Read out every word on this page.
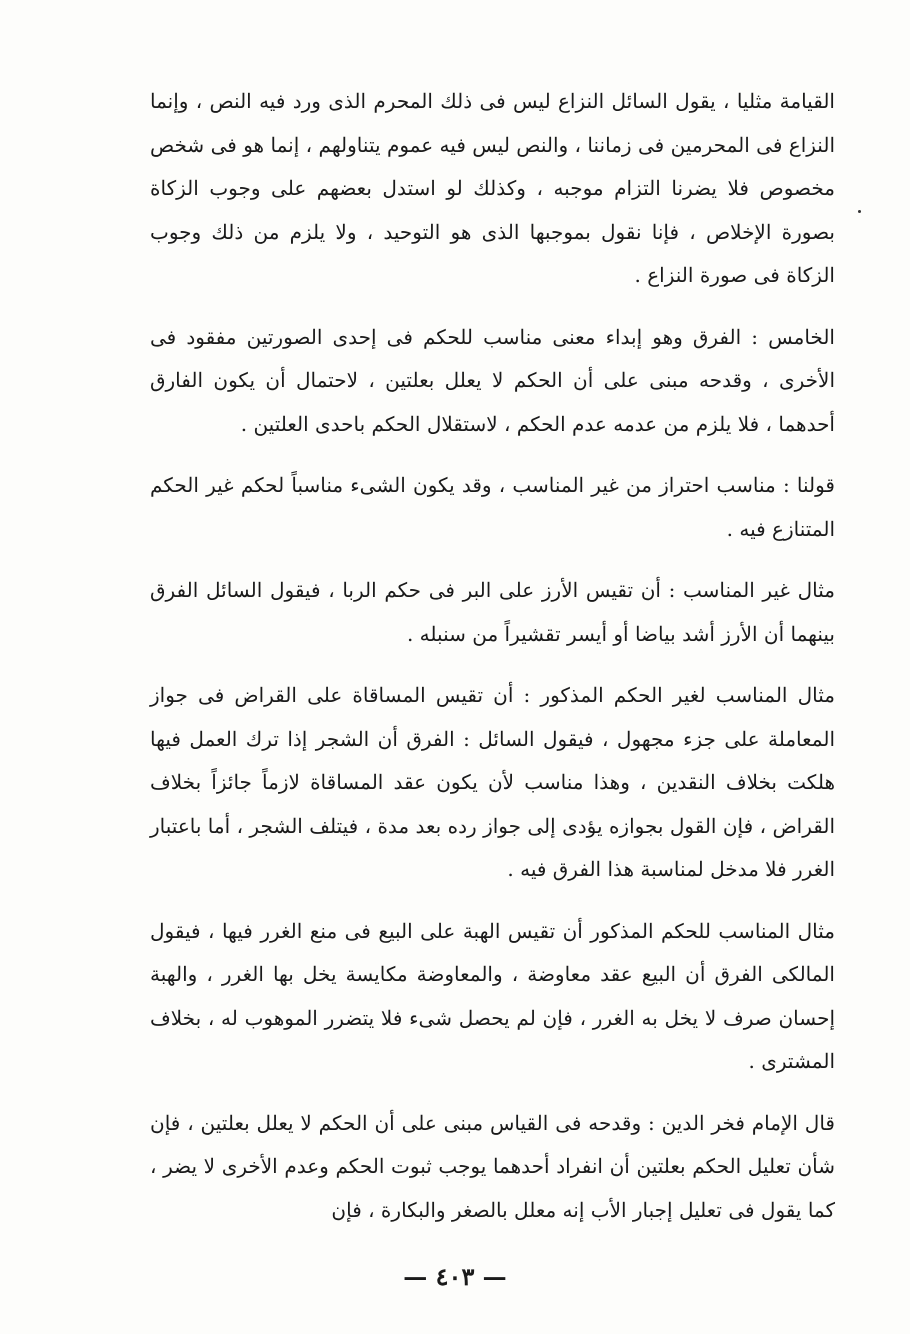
القيامة مثليا ، يقول السائل النزاع ليس فى ذلك المحرم الذى ورد فيه النص ، وإنما النزاع فى المحرمين فى زماننا ، والنص ليس فيه عموم يتناولهم ، إنما هو فى شخص مخصوص فلا يضرنا التزام موجبه ، وكذلك لو استدل بعضهم على وجوب الزكاة بصورة الإخلاص ، فإنا نقول بموجبها الذى هو التوحيد ، ولا يلزم من ذلك وجوب الزكاة فى صورة النزاع .

الخامس : الفرق وهو إبداء معنى مناسب للحكم فى إحدى الصورتين مفقود فى الأخرى ، وقدحه مبنى على أن الحكم لا يعلل بعلتين ، لاحتمال أن يكون الفارق أحدهما ، فلا يلزم من عدمه عدم الحكم ، لاستقلال الحكم باحدى العلتين .

قولنا : مناسب احتراز من غير المناسب ، وقد يكون الشىء مناسباً لحكم غير الحكم المتنازع فيه .

مثال غير المناسب : أن تقيس الأرز على البر فى حكم الربا ، فيقول السائل الفرق بينهما أن الأرز أشد بياضا أو أيسر تقشيراً من سنبله .

مثال المناسب لغير الحكم المذكور : أن تقيس المساقاة على القراض فى جواز المعاملة على جزء مجهول ، فيقول السائل : الفرق أن الشجر إذا ترك العمل فيها هلكت بخلاف النقدين ، وهذا مناسب لأن يكون عقد المساقاة لازماً جائزاً بخلاف القراض ، فإن القول بجوازه يؤدى إلى جواز رده بعد مدة ، فيتلف الشجر ، أما باعتبار الغرر فلا مدخل لمناسبة هذا الفرق فيه .

مثال المناسب للحكم المذكور أن تقيس الهبة على البيع فى منع الغرر فيها ، فيقول المالكى الفرق أن البيع عقد معاوضة ، والمعاوضة مكايسة يخل بها الغرر ، والهبة إحسان صرف لا يخل به الغرر ، فإن لم يحصل شىء فلا يتضرر الموهوب له ، بخلاف المشترى .

قال الإمام فخر الدين : وقدحه فى القياس مبنى على أن الحكم لا يعلل بعلتين ، فإن شأن تعليل الحكم بعلتين أن انفراد أحدهما يوجب ثبوت الحكم وعدم الأخرى لا يضر ، كما يقول فى تعليل إجبار الأب إنه معلل بالصغر والبكارة ، فإن

— ٤٠٣ —
